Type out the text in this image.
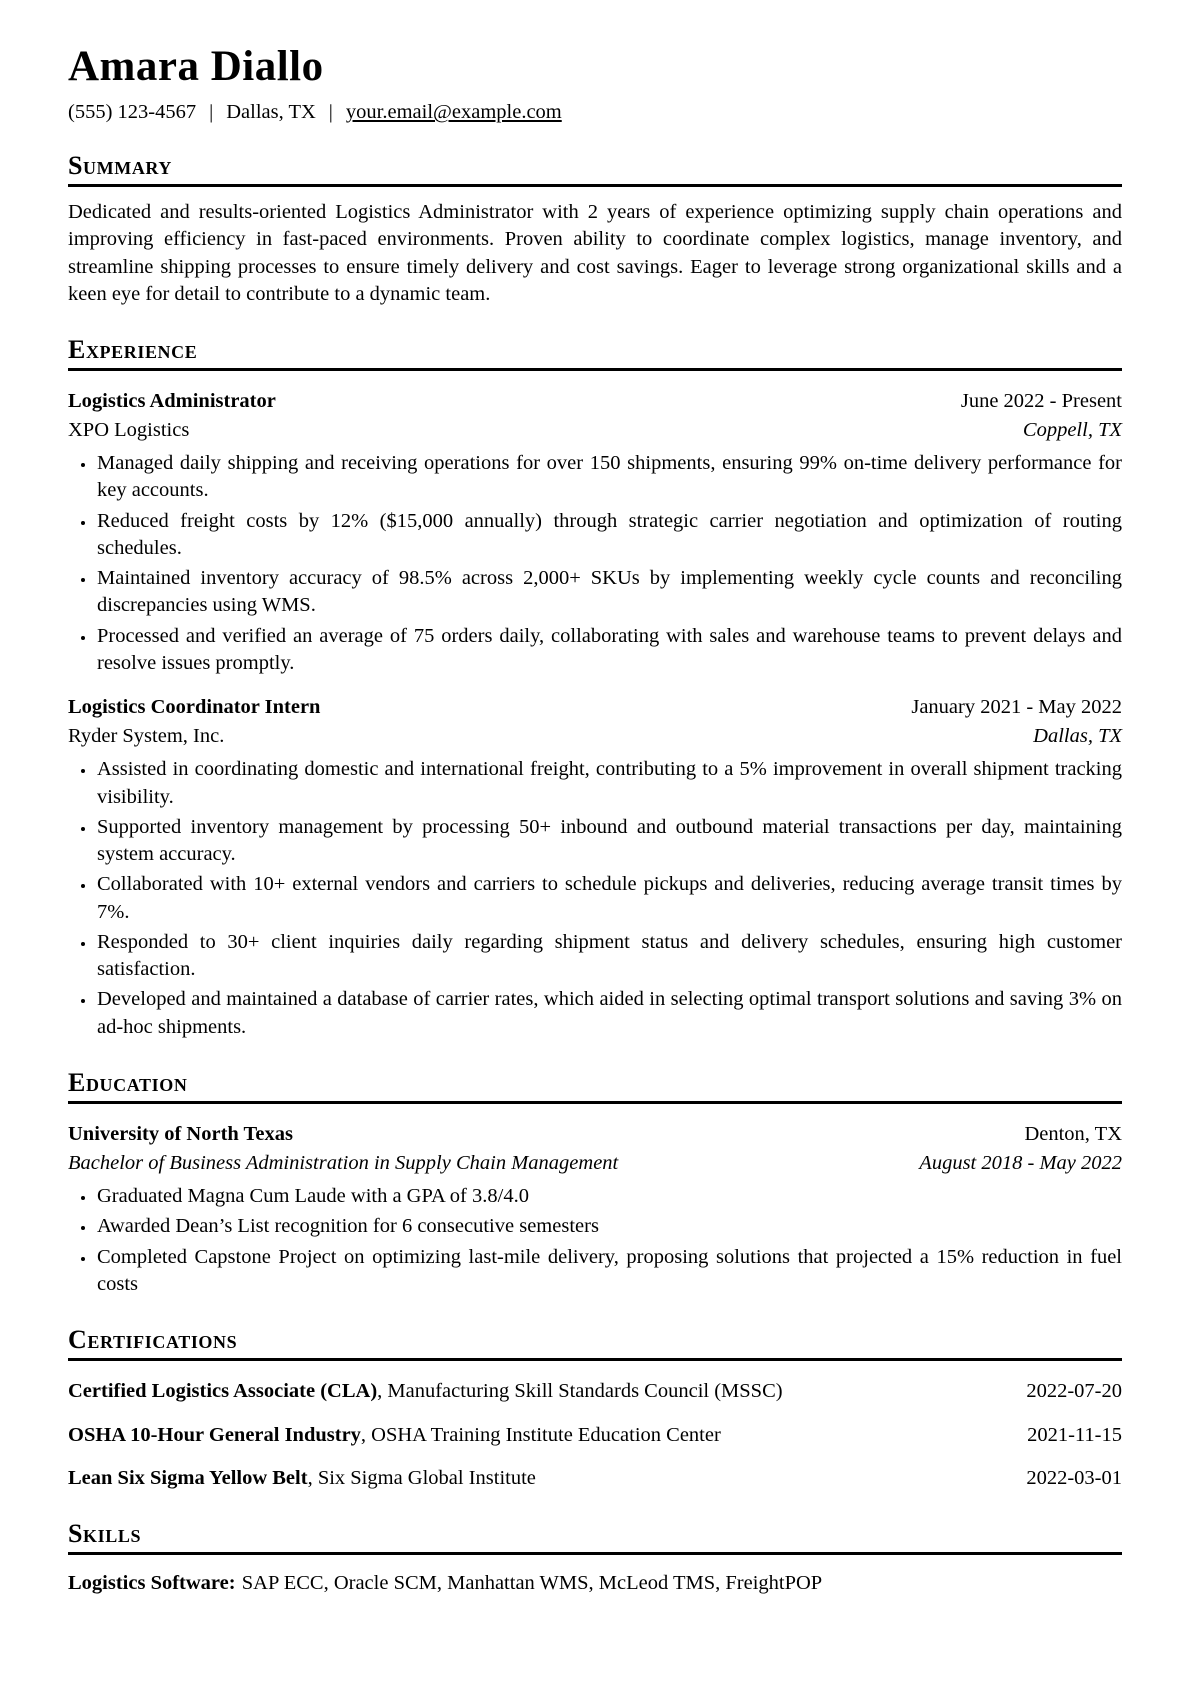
Amara Diallo
(555) 123-4567 | Dallas, TX | your.email@example.com
Summary

Dedicated and results-oriented Logistics Administrator with 2 years of experience optimizing supply chain operations and improving efficiency in fast-paced environments. Proven ability to coordinate complex logistics, manage inventory, and streamline shipping processes to ensure timely delivery and cost savings. Eager to leverage strong organizational skills and a keen eye for detail to contribute to a dynamic team.

Experience
Logistics Administrator	June 2022 - Present
XPO Logistics	Coppell, TX
• Managed daily shipping and receiving operations for over 150 shipments, ensuring 99% on-time delivery performance for key accounts.
• Reduced freight costs by 12% ($15,000 annually) through strategic carrier negotiation and optimization of routing schedules.
• Maintained inventory accuracy of 98.5% across 2,000+ SKUs by implementing weekly cycle counts and reconciling discrepancies using WMS.
• Processed and verified an average of 75 orders daily, collaborating with sales and warehouse teams to prevent delays and resolve issues promptly.
Logistics Coordinator Intern	January 2021 - May 2022
Ryder System, Inc.	Dallas, TX
• Assisted in coordinating domestic and international freight, contributing to a 5% improvement in overall shipment tracking visibility.
• Supported inventory management by processing 50+ inbound and outbound material transactions per day, maintaining system accuracy.
• Collaborated with 10+ external vendors and carriers to schedule pickups and deliveries, reducing average transit times by 7%.
• Responded to 30+ client inquiries daily regarding shipment status and delivery schedules, ensuring high customer satisfaction.
• Developed and maintained a database of carrier rates, which aided in selecting optimal transport solutions and saving 3% on ad-hoc shipments.
Education
University of North Texas	Denton, TX
Bachelor of Business Administration in Supply Chain Management	August 2018 - May 2022
• Graduated Magna Cum Laude with a GPA of 3.8/4.0
• Awarded Dean’s List recognition for 6 consecutive semesters
• Completed Capstone Project on optimizing last-mile delivery, proposing solutions that projected a 15% reduction in fuel costs
Certifications
Certified Logistics Associate (CLA), Manufacturing Skill Standards Council (MSSC)	2022-07-20
OSHA 10-Hour General Industry, OSHA Training Institute Education Center	2021-11-15
Lean Six Sigma Yellow Belt, Six Sigma Global Institute	2022-03-01
Skills
Logistics Software: SAP ECC, Oracle SCM, Manhattan WMS, McLeod TMS, FreightPOP
